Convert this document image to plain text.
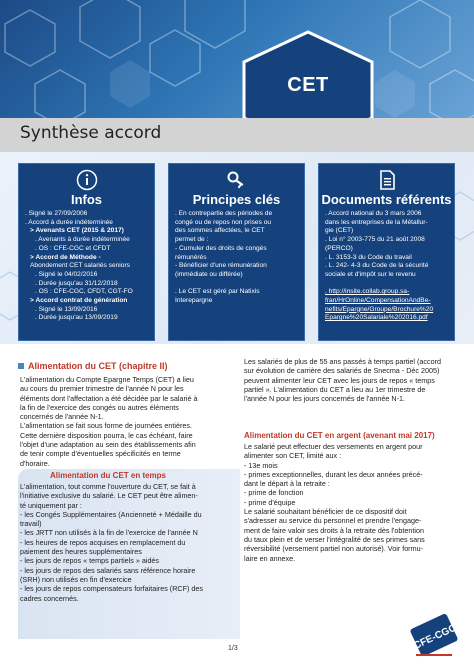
CET
Synthèse accord
Infos
. Signé le 27/09/2006
. Accord à durée indéterminée
> Avenants CET (2015 & 2017)
. Avenants à durée indéterminée
. OS : CFE-CGC et CFDT
> Accord de Méthode -
Abondement CET salariés seniors
. Signé le 04/02/2016
. Durée jusqu'au 31/12/2018
. OS : CFE-CGC, CFDT, CGT-FO
> Accord contrat de génération
. Signé le 13/09/2016
. Durée jusqu'au 13/09/2019
Principes clés
. En contrepartie des périodes de
congé ou de repos non prises ou
des sommes affectées, le CET
permet de :
- Cumuler des droits de congés
rémunérés
- Bénéficier d'une rémunération
(immédiate ou différée)
. Le CET est géré par Natixis
Interepargne
Documents référents
. Accord national du 3 mars 2006
dans les entreprises de la Métallur-
gie (CET)
. Loi n° 2003-775 du 21 août 2008
(PERCO)
. L. 3153-3 du Code du travail
. L. 242- 4-3 du Code de la sécurité
sociale et d'impôt sur le revenu
. http://insite.collab.group.sa-
fran/HrOnline/CompensationAndBe-
nefits/Epargne/Groupe/Brochure%20
Epargne%20Salariale%202016.pdf
Alimentation du CET (chapitre II)
L'alimentation du Compte Epargne Temps (CET) a lieu
au cours du premier trimestre de l'année N pour les
éléments dont l'affectation a été décidée par le salarié à
la fin de l'exercice des congés ou autres éléments
concernés de l'année N-1.
L'alimentation se fait sous forme de journées entières.
Cette dernière disposition pourra, le cas échéant, faire
l'objet d'une adaptation au sein des établissements afin
de tenir compte d'éventuelles spécificités en terme
d'horaire.
Alimentation du CET en temps
L'alimentation, tout comme l'ouverture du CET, se fait à
l'initiative exclusive du salarié. Le CET peut être alimen-
té uniquement par :
- les Congés Supplémentaires (Ancienneté + Médaille du
travail)
- les JRTT non utilisés à la fin de l'exercice de l'année N
- les heures de repos acquises en remplacement du
paiement des heures supplémentaires
- les jours de repos « temps partiels » aidés
- les jours de repos des salariés sans référence horaire
(SRH) non utilisés en fin d'exercice
- les jours de repos compensateurs forfaitaires (RCF) des
cadres concernés.
Les salariés de plus de 55 ans passés à temps partiel (accord
sur évolution de carrière des salariés de Snecma - Déc 2005)
peuvent alimenter leur CET avec les jours de repos « temps
partiel ». L'alimentation du CET a lieu au 1er trimestre de
l'année N pour les jours concernés de l'année N-1.
Alimentation du CET en argent (avenant mai 2017)
Le salarié peut effectuer des versements en argent pour
alimenter son CET, limité aux :
- 13e mois
- primes exceptionnelles, durant les deux années précé-
dant le départ à la retraite :
- prime de fonction
- prime d'équipe
Le salarié souhaitant bénéficier de ce dispositif doit
s'adresser au service du personnel et prendre l'engage-
ment de faire valoir ses droits à la retraite dès l'obtention
du taux plein et de verser l'intégralité de ses primes sans
réversibilité (versement partiel non autorisé). Voir formu-
laire en annexe.
1/3	CFE-CGC
